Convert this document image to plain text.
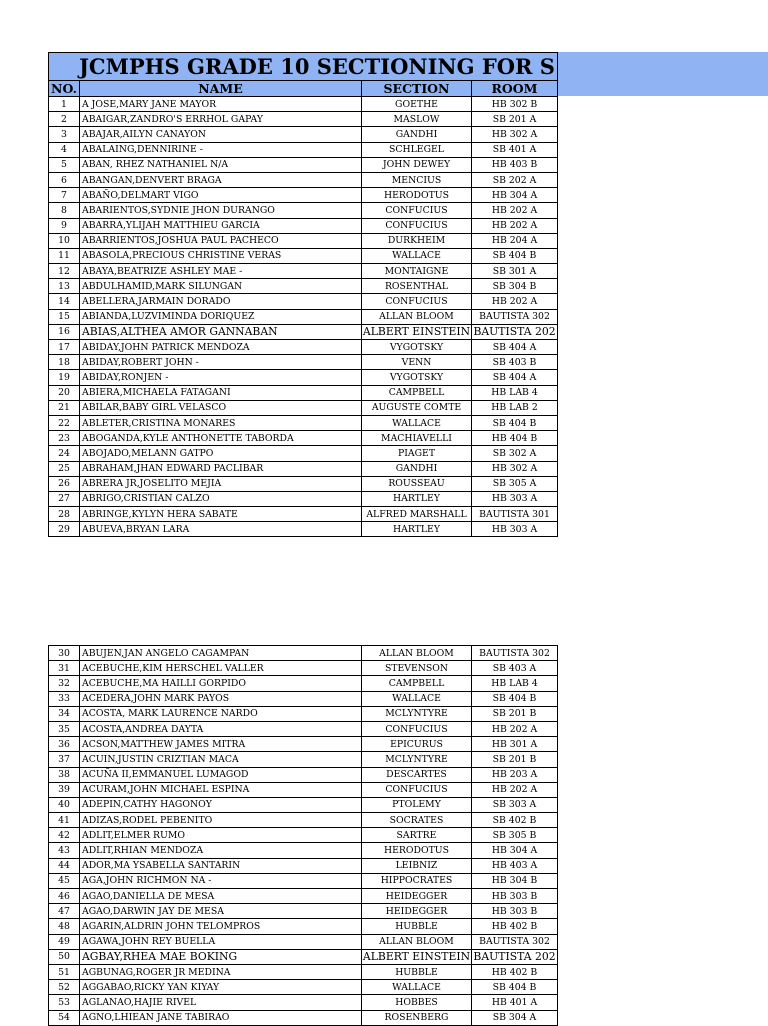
JCMPHS GRADE 10 SECTIONING FOR S			
NO.	NAME	SECTION	ROOM
1	A JOSE,MARY JANE MAYOR	GOETHE	HB 302 B
2	ABAIGAR,ZANDRO'S ERRHOL GAPAY	MASLOW	SB 201 A
3	ABAJAR,AILYN CANAYON	GANDHI	HB 302 A
4	ABALAING,DENNIRINE -	SCHLEGEL	SB 401 A
5	ABAN, RHEZ NATHANIEL N/A	JOHN DEWEY	HB 403 B
6	ABANGAN,DENVERT BRAGA	MENCIUS	SB 202 A
7	ABAÑO,DELMART VIGO	HERODOTUS	HB 304 A
8	ABARIENTOS,SYDNIE JHON DURANGO	CONFUCIUS	HB 202 A
9	ABARRA,YLIJAH MATTHIEU GARCIA	CONFUCIUS	HB 202 A
10	ABARRIENTOS,JOSHUA PAUL PACHECO	DURKHEIM	HB 204 A
11	ABASOLA,PRECIOUS CHRISTINE VERAS	WALLACE	SB 404 B
12	ABAYA,BEATRIZE ASHLEY MAE -	MONTAIGNE	SB 301 A
13	ABDULHAMID,MARK SILUNGAN	ROSENTHAL	SB 304 B
14	ABELLERA,JARMAIN DORADO	CONFUCIUS	HB 202 A
15	ABIANDA,LUZVIMINDA DORIQUEZ	ALLAN BLOOM	BAUTISTA 302
16	ABIAS,ALTHEA AMOR GANNABAN	ALBERT EINSTEIN	BAUTISTA 202
17	ABIDAY,JOHN PATRICK MENDOZA	VYGOTSKY	SB 404 A
18	ABIDAY,ROBERT JOHN -	VENN	SB 403 B
19	ABIDAY,RONJEN -	VYGOTSKY	SB 404 A
20	ABIERA,MICHAELA FATAGANI	CAMPBELL	HB LAB 4
21	ABILAR,BABY GIRL VELASCO	AUGUSTE COMTE	HB LAB 2
22	ABLETER,CRISTINA MONARES	WALLACE	SB 404 B
23	ABOGANDA,KYLE ANTHONETTE TABORDA	MACHIAVELLI	HB 404 B
24	ABOJADO,MELANN GATPO	PIAGET	SB 302 A
25	ABRAHAM,JHAN EDWARD PACLIBAR	GANDHI	HB 302 A
26	ABRERA JR,JOSELITO MEJIA	ROUSSEAU	SB 305 A
27	ABRIGO,CRISTIAN CALZO	HARTLEY	HB 303 A
28	ABRINGE,KYLYN HERA SABATE	ALFRED MARSHALL	BAUTISTA 301
29	ABUEVA,BRYAN LARA	HARTLEY	HB 303 A
30	ABUJEN,JAN ANGELO CAGAMPAN	ALLAN BLOOM	BAUTISTA 302
31	ACEBUCHE,KIM HERSCHEL VALLER	STEVENSON	SB 403 A
32	ACEBUCHE,MA HAILLI GORPIDO	CAMPBELL	HB LAB 4
33	ACEDERA,JOHN MARK PAYOS	WALLACE	SB 404 B
34	ACOSTA, MARK LAURENCE NARDO	MCLYNTYRE	SB 201 B
35	ACOSTA,ANDREA DAYTA	CONFUCIUS	HB 202 A
36	ACSON,MATTHEW JAMES MITRA	EPICURUS	HB 301 A
37	ACUIN,JUSTIN CRIZTIAN MACA	MCLYNTYRE	SB 201 B
38	ACUÑA II,EMMANUEL LUMAGOD	DESCARTES	HB 203 A
39	ACURAM,JOHN MICHAEL ESPINA	CONFUCIUS	HB 202 A
40	ADEPIN,CATHY HAGONOY	PTOLEMY	SB 303 A
41	ADIZAS,RODEL PEBENITO	SOCRATES	SB 402 B
42	ADLIT,ELMER RUMO	SARTRE	SB 305 B
43	ADLIT,RHIAN MENDOZA	HERODOTUS	HB 304 A
44	ADOR,MA YSABELLA SANTARIN	LEIBNIZ	HB 403 A
45	AGA,JOHN RICHMON NA -	HIPPOCRATES	HB 304 B
46	AGAO,DANIELLA DE MESA	HEIDEGGER	HB 303 B
47	AGAO,DARWIN JAY DE MESA	HEIDEGGER	HB 303 B
48	AGARIN,ALDRIN JOHN TELOMPROS	HUBBLE	HB 402 B
49	AGAWA,JOHN REY BUELLA	ALLAN BLOOM	BAUTISTA 302
50	AGBAY,RHEA MAE BOKING	ALBERT EINSTEIN	BAUTISTA 202
51	AGBUNAG,ROGER JR MEDINA	HUBBLE	HB 402 B
52	AGGABAO,RICKY YAN KIYAY	WALLACE	SB 404 B
53	AGLANAO,HAJIE RIVEL	HOBBES	HB 401 A
54	AGNO,LHIEAN JANE TABIRAO	ROSENBERG	SB 304 A
